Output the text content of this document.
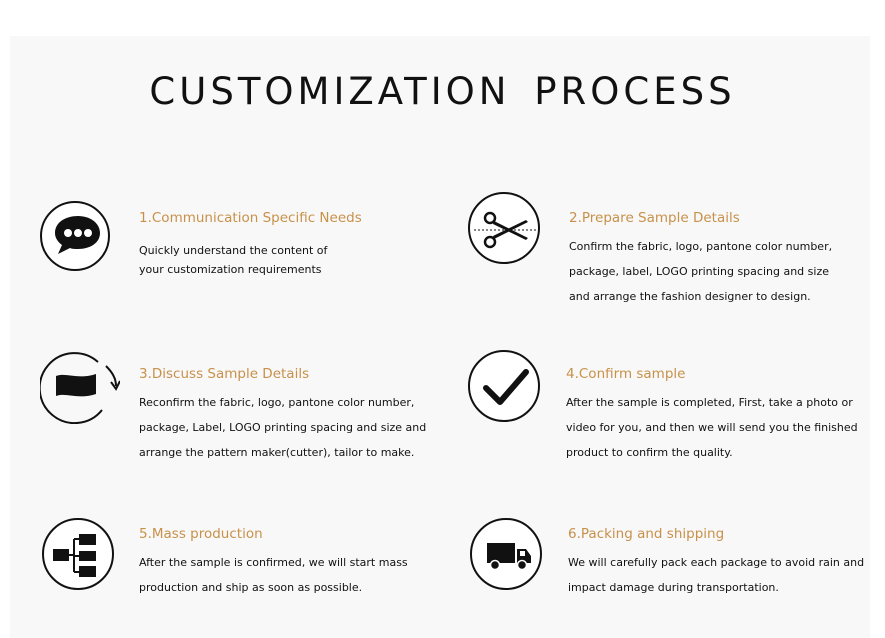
CUSTOMIZATION PROCESS
1.Communication Specific Needs
Quickly understand the content of
your customization requirements
2.Prepare Sample Details
Confirm the fabric, logo, pantone color number,
package, label, LOGO printing spacing and size
and arrange the fashion designer to design.
3.Discuss Sample Details
Reconfirm the fabric, logo, pantone color number,
package, Label, LOGO printing spacing and size and
arrange the pattern maker(cutter), tailor to make.
4.Confirm sample
After the sample is completed, First, take a photo or
video for you, and then we will send you the finished
product to confirm the quality.
5.Mass production
After the sample is confirmed, we will start mass
production and ship as soon as possible.
6.Packing and shipping
We will carefully pack each package to avoid rain and
impact damage during transportation.
